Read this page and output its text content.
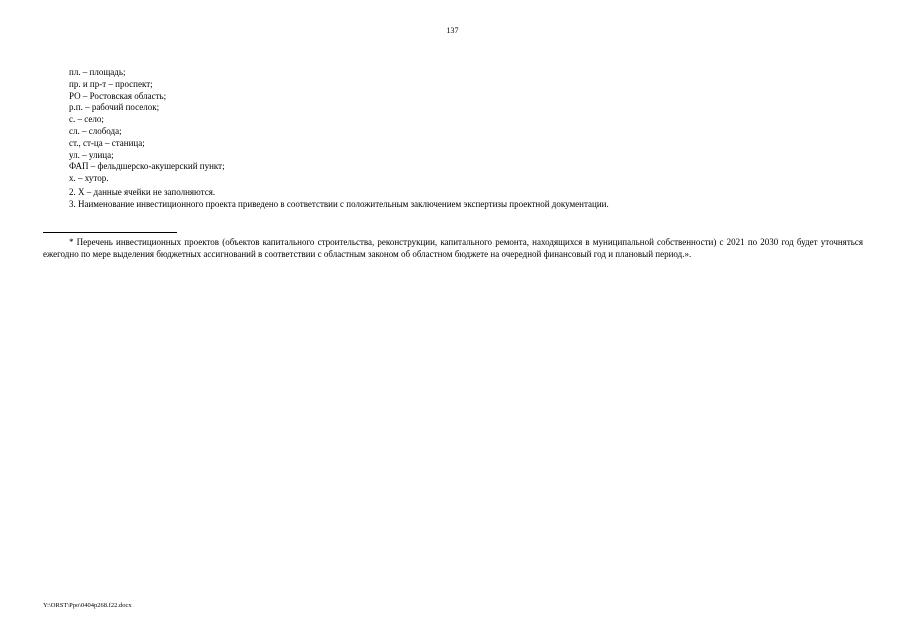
137
пл. – площадь;
пр. и пр-т – проспект;
РО – Ростовская область;
р.п. – рабочий поселок;
с. – село;
сл. – слобода;
ст., ст-ца – станица;
ул. – улица;
ФАП – фельдшерско-акушерский пункт;
х. – хутор.
2. Х – данные ячейки не заполняются.
3. Наименование инвестиционного проекта приведено в соответствии с положительным заключением экспертизы проектной документации.

* Перечень инвестиционных проектов (объектов капитального строительства, реконструкции, капитального ремонта, находящихся в муниципальной собственности) с 2021 по 2030 год будет уточняться ежегодно по мере выделения бюджетных ассигнований в соответствии с областным законом об областном бюджете на очередной финансовый год и плановый период.».

Y:\ORST\Ppo\0404p268.f22.docx
